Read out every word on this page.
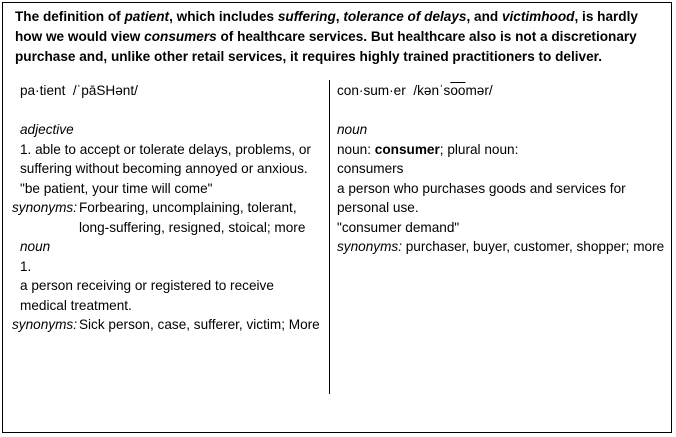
The definition of patient, which includes suffering, tolerance of delays, and victimhood, is hardly how we would view consumers of healthcare services. But healthcare also is not a discretionary purchase and, unlike other retail services, it requires highly trained practitioners to deliver.
pa·tient /ˈpāSHənt/
adjective
1. able to accept or tolerate delays, problems, or suffering without becoming annoyed or anxious.
"be patient, your time will come"
synonyms: Forbearing, uncomplaining, tolerant, long-suffering, resigned, stoical; more
noun
1.
a person receiving or registered to receive medical treatment.
synonyms: Sick person, case, sufferer, victim; More
con·sum·er $/kənˈs\overline{oo}mər/$
noun
noun: consumer; plural noun:
consumers
a person who purchases goods and services for personal use.
"consumer demand"
synonyms: purchaser, buyer, customer, shopper; more
